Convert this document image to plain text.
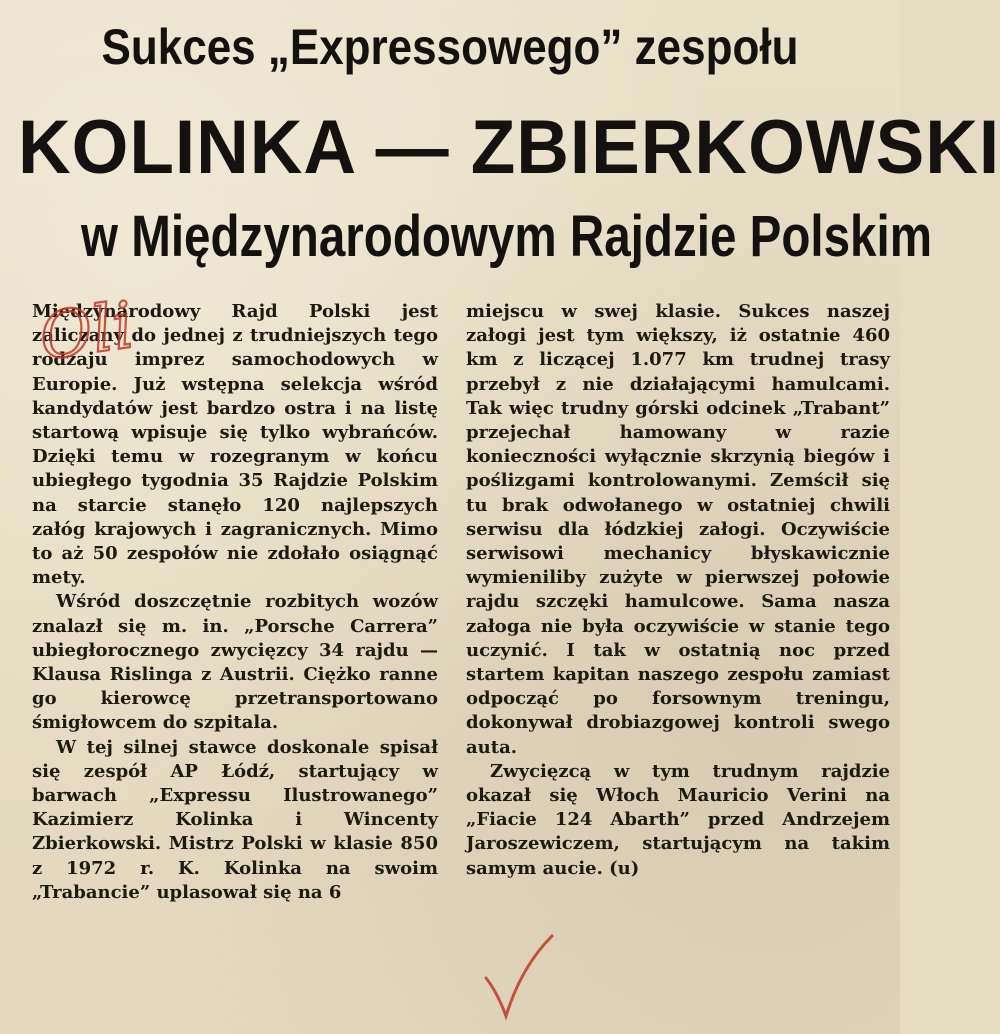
Sukces „Expressowego” zespołu
KOLINKA — ZBIERKOWSKI
w Międzynarodowym Rajdzie Polskim

Międzynarodowy Rajd Polski jest zaliczany do jednej z trudniejszych tego rodzaju imprez samochodowych w Europie. Już wstępna selekcja wśród kandydatów jest bardzo ostra i na listę startową wpisuje się tylko wybrańców. Dzięki temu w rozegranym w końcu ubiegłego tygodnia 35 Rajdzie Polskim na starcie stanęło 120 najlepszych załóg krajowych i zagranicznych. Mimo to aż 50 zespołów nie zdołało osiągnąć mety.

Wśród doszczętnie rozbitych wozów znalazł się m. in. „Porsche Carrera” ubiegłorocznego zwycięzcy 34 rajdu — Klausa Rislinga z Austrii. Ciężko ranne go kierowcę przetransportowano śmigłowcem do szpitala.

W tej silnej stawce doskonale spisał się zespół AP Łódź, startujący w barwach „Expressu Ilustrowanego” Kazimierz Kolinka i Wincenty Zbierkowski. Mistrz Polski w klasie 850 z 1972 r. K. Kolinka na swoim „Trabancie” uplasował się na 6

miejscu w swej klasie. Sukces naszej załogi jest tym większy, iż ostatnie 460 km z liczącej 1.077 km trudnej trasy przebył z nie działającymi hamulcami. Tak więc trudny górski odcinek „Trabant” przejechał hamowany w razie konieczności wyłącznie skrzynią biegów i poślizgami kontrolowanymi. Zemścił się tu brak odwołanego w ostatniej chwili serwisu dla łódzkiej załogi. Oczywiście serwisowi mechanicy błyskawicznie wymieniliby zużyte w pierwszej połowie rajdu szczęki hamulcowe. Sama nasza załoga nie była oczywiście w stanie tego uczynić. I tak w ostatnią noc przed startem kapitan naszego zespołu zamiast odpocząć po forsownym treningu, dokonywał drobiazgowej kontroli swego auta.

Zwycięzcą w tym trudnym rajdzie okazał się Włoch Mauricio Verini na „Fiacie 124 Abarth” przed Andrzejem Jaroszewiczem, startującym na takim samym aucie. (u)

Oli
